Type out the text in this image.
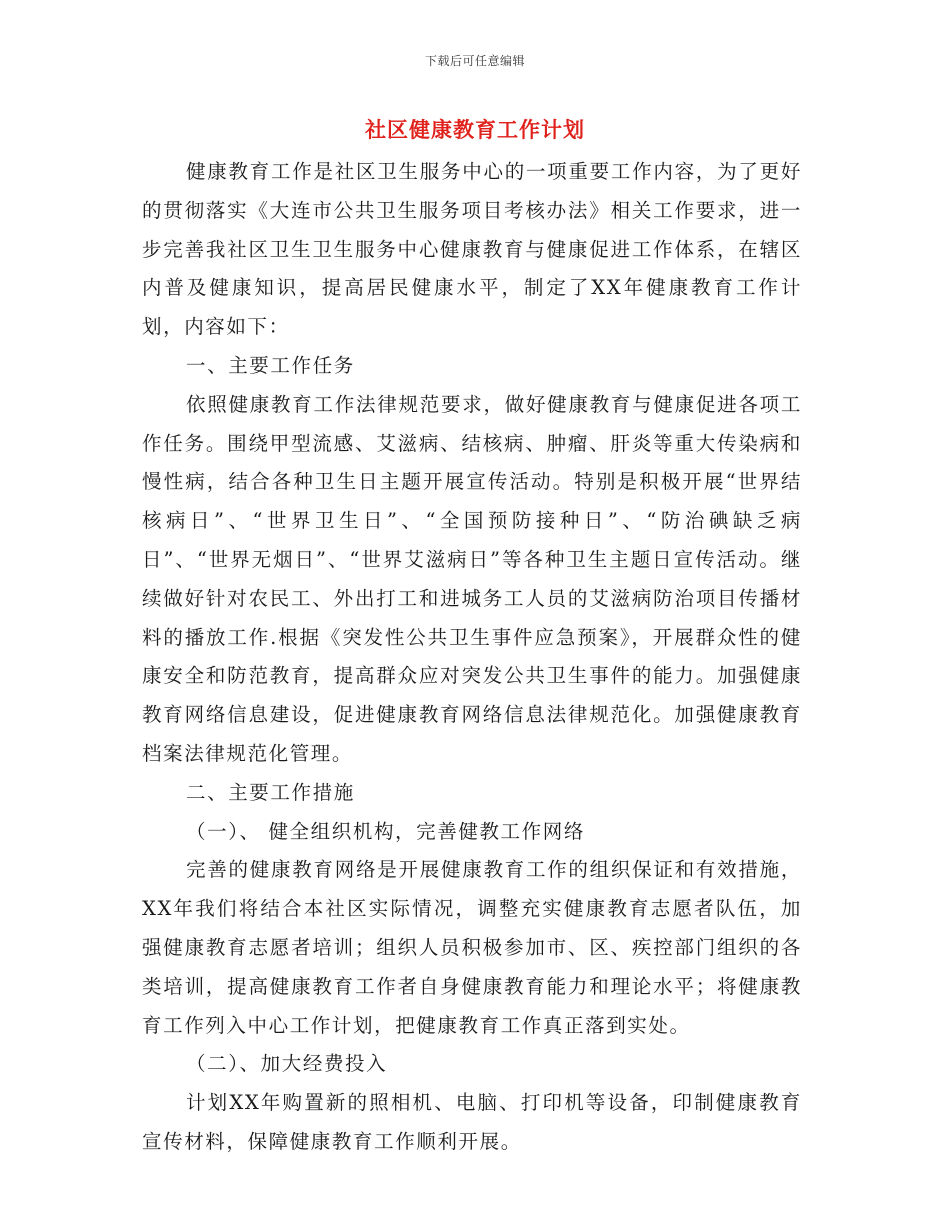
下载后可任意编辑
社区健康教育工作计划

健康教育工作是社区卫生服务中心的一项重要工作内容，为了更好的贯彻落实《大连市公共卫生服务项目考核办法》相关工作要求，进一步完善我社区卫生卫生服务中心健康教育与健康促进工作体系，在辖区内普及健康知识，提高居民健康水平，制定了XX年健康教育工作计划，内容如下：

一、主要工作任务

依照健康教育工作法律规范要求，做好健康教育与健康促进各项工作任务。围绕甲型流感、艾滋病、结核病、肿瘤、肝炎等重大传染病和慢性病，结合各种卫生日主题开展宣传活动。特别是积极开展“世界结核病日”、“世界卫生日”、“全国预防接种日”、“防治碘缺乏病日”、“世界无烟日”、“世界艾滋病日”等各种卫生主题日宣传活动。继续做好针对农民工、外出打工和进城务工人员的艾滋病防治项目传播材料的播放工作.根据《突发性公共卫生事件应急预案》，开展群众性的健康安全和防范教育，提高群众应对突发公共卫生事件的能力。加强健康教育网络信息建设，促进健康教育网络信息法律规范化。加强健康教育档案法律规范化管理。

二、主要工作措施

（一）、 健全组织机构，完善健教工作网络

完善的健康教育网络是开展健康教育工作的组织保证和有效措施，XX年我们将结合本社区实际情况，调整充实健康教育志愿者队伍，加强健康教育志愿者培训；组织人员积极参加市、区、疾控部门组织的各类培训，提高健康教育工作者自身健康教育能力和理论水平；将健康教育工作列入中心工作计划，把健康教育工作真正落到实处。

（二）、加大经费投入

计划XX年购置新的照相机、电脑、打印机等设备，印制健康教育宣传材料，保障健康教育工作顺利开展。
